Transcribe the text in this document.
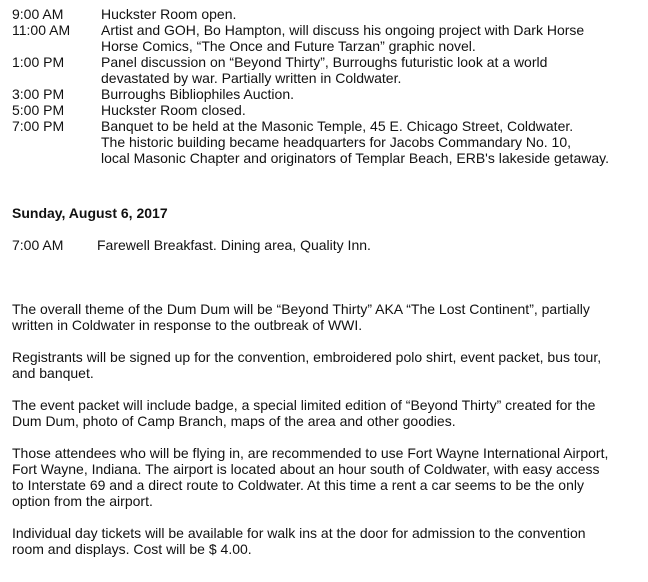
9:00 AM	Huckster Room open.
11:00 AM	Artist and GOH, Bo Hampton, will discuss his ongoing project with Dark Horse
Horse Comics, “The Once and Future Tarzan” graphic novel.
1:00 PM	Panel discussion on “Beyond Thirty”, Burroughs futuristic look at a world
devastated by war. Partially written in Coldwater.
3:00 PM	Burroughs Bibliophiles Auction.
5:00 PM	Huckster Room closed.
7:00 PM	Banquet to be held at the Masonic Temple, 45 E. Chicago Street, Coldwater.
The historic building became headquarters for Jacobs Commandary No. 10,
local Masonic Chapter and originators of Templar Beach, ERB's lakeside getaway.
Sunday, August 6, 2017
7:00 AM	Farewell Breakfast. Dining area, Quality Inn.

The overall theme of the Dum Dum will be “Beyond Thirty” AKA “The Lost Continent”, partially
written in Coldwater in response to the outbreak of WWI.

Registrants will be signed up for the convention, embroidered polo shirt, event packet, bus tour,
and banquet.

The event packet will include badge, a special limited edition of “Beyond Thirty” created for the
Dum Dum, photo of Camp Branch, maps of the area and other goodies.

Those attendees who will be flying in, are recommended to use Fort Wayne International Airport,
Fort Wayne, Indiana. The airport is located about an hour south of Coldwater, with easy access
to Interstate 69 and a direct route to Coldwater. At this time a rent a car seems to be the only
option from the airport.

Individual day tickets will be available for walk ins at the door for admission to the convention
room and displays. Cost will be $ 4.00.
